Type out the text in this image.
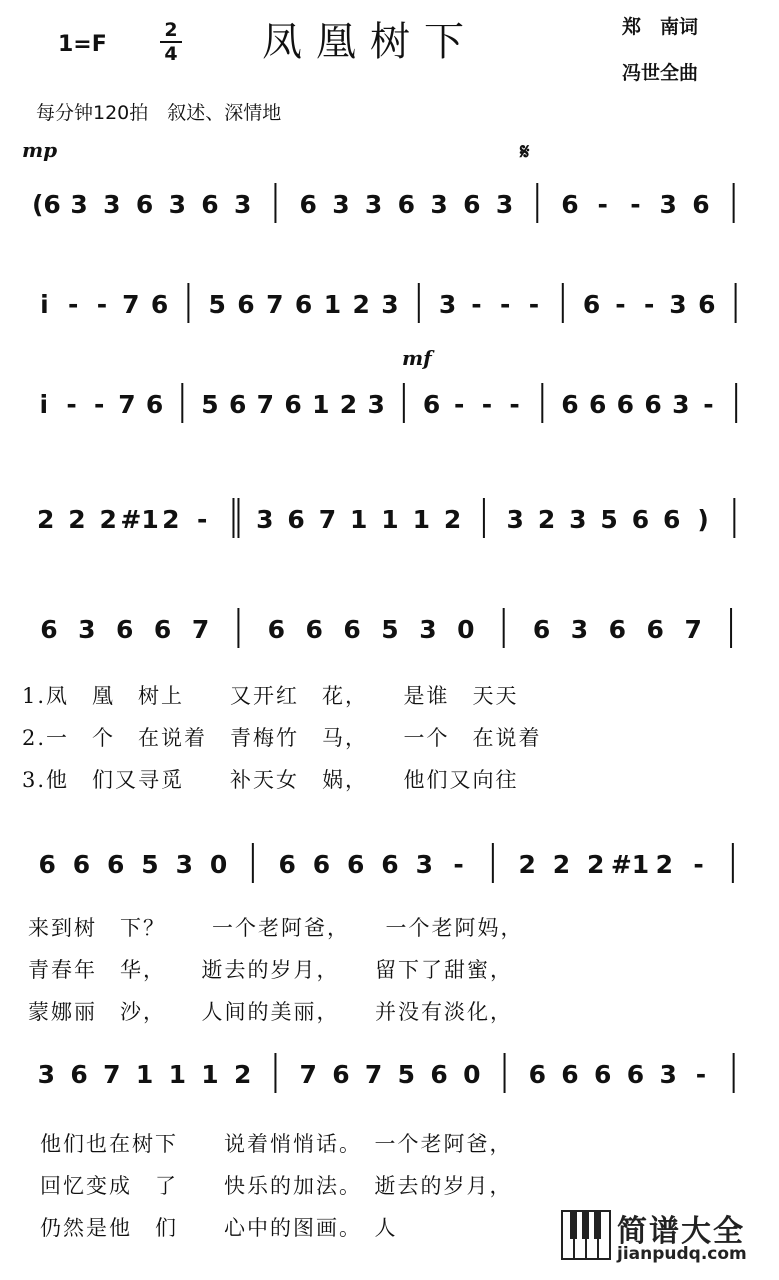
1=F
2
4 凤凰树下	郑　南词
冯世全曲
每分钟120拍　叙述、深情地
mp	𝄋
mf
(6 3 3 6 3 6 3 6 3 3 6 3 6 3 6 - - 3 6
i - - 7 6 5 6 7 6 1 2 3 3 - - - 6 - - 3 6
i - - 7 6 5 6 7 6 1 2 3 6 - - - 6 6 6 6 3 -
2 2 2 #1 2 - 3 6 7 1 1 1 2 3 2 3 5 6 6 )
6 3 6 6 7 6 6 6 5 3 0 6 3 6 6 7
6 6 6 5 3 0 6 6 6 6 3 - 2 2 2 #1 2 -
3 6 7 1 1 1 2 7 6 7 5 6 0 6 6 6 6 3 -
1.凤　凰　树上　　又开红　花，　　是谁　天天
2.一　个　在说着　青梅竹　马，　　一个　在说着
3.他　们又寻觅　　补天女　娲，　　他们又向往
来到树　下？　　一个老阿爸，　　一个老阿妈，
青春年　华，　　逝去的岁月，　　留下了甜蜜，
蒙娜丽　沙，　　人间的美丽，　　并没有淡化，
他们也在树下　　说着悄悄话。　一个老阿爸，
回忆变成　了　　快乐的加法。　逝去的岁月，
仍然是他　们　　心中的图画。　人	简谱大全
jianpudq.com
